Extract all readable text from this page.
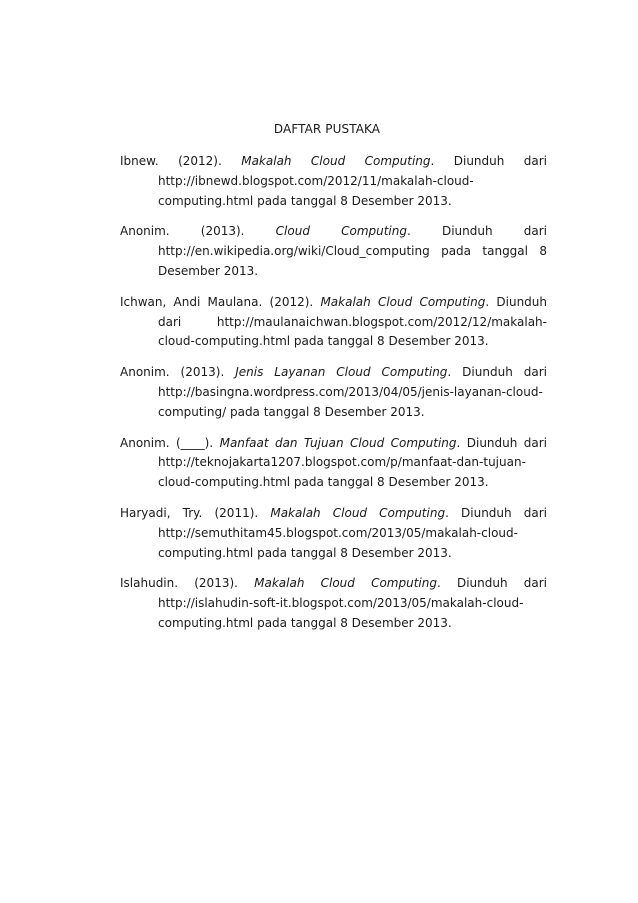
DAFTAR PUSTAKA

Ibnew. (2012). Makalah Cloud Computing. Diunduh dari http://ibnewd.blogspot.com/2012/11/makalah-cloud-computing.html pada tanggal 8 Desember 2013.

Anonim. (2013). Cloud Computing. Diunduh dari http://en.wikipedia.org/wiki/Cloud_computing pada tanggal 8 Desember 2013.

Ichwan, Andi Maulana. (2012). Makalah Cloud Computing. Diunduh dari http://maulanaichwan.blogspot.com/2012/12/makalah-cloud-computing.html pada tanggal 8 Desember 2013.

Anonim. (2013). Jenis Layanan Cloud Computing. Diunduh dari http://basingna.wordpress.com/2013/04/05/jenis-layanan-cloud-computing/ pada tanggal 8 Desember 2013.

Anonim. (____). Manfaat dan Tujuan Cloud Computing. Diunduh dari http://teknojakarta1207.blogspot.com/p/manfaat-dan-tujuan-cloud-computing.html pada tanggal 8 Desember 2013.

Haryadi, Try. (2011). Makalah Cloud Computing. Diunduh dari http://semuthitam45.blogspot.com/2013/05/makalah-cloud-computing.html pada tanggal 8 Desember 2013.

Islahudin. (2013). Makalah Cloud Computing. Diunduh dari http://islahudin-soft-it.blogspot.com/2013/05/makalah-cloud-computing.html pada tanggal 8 Desember 2013.
